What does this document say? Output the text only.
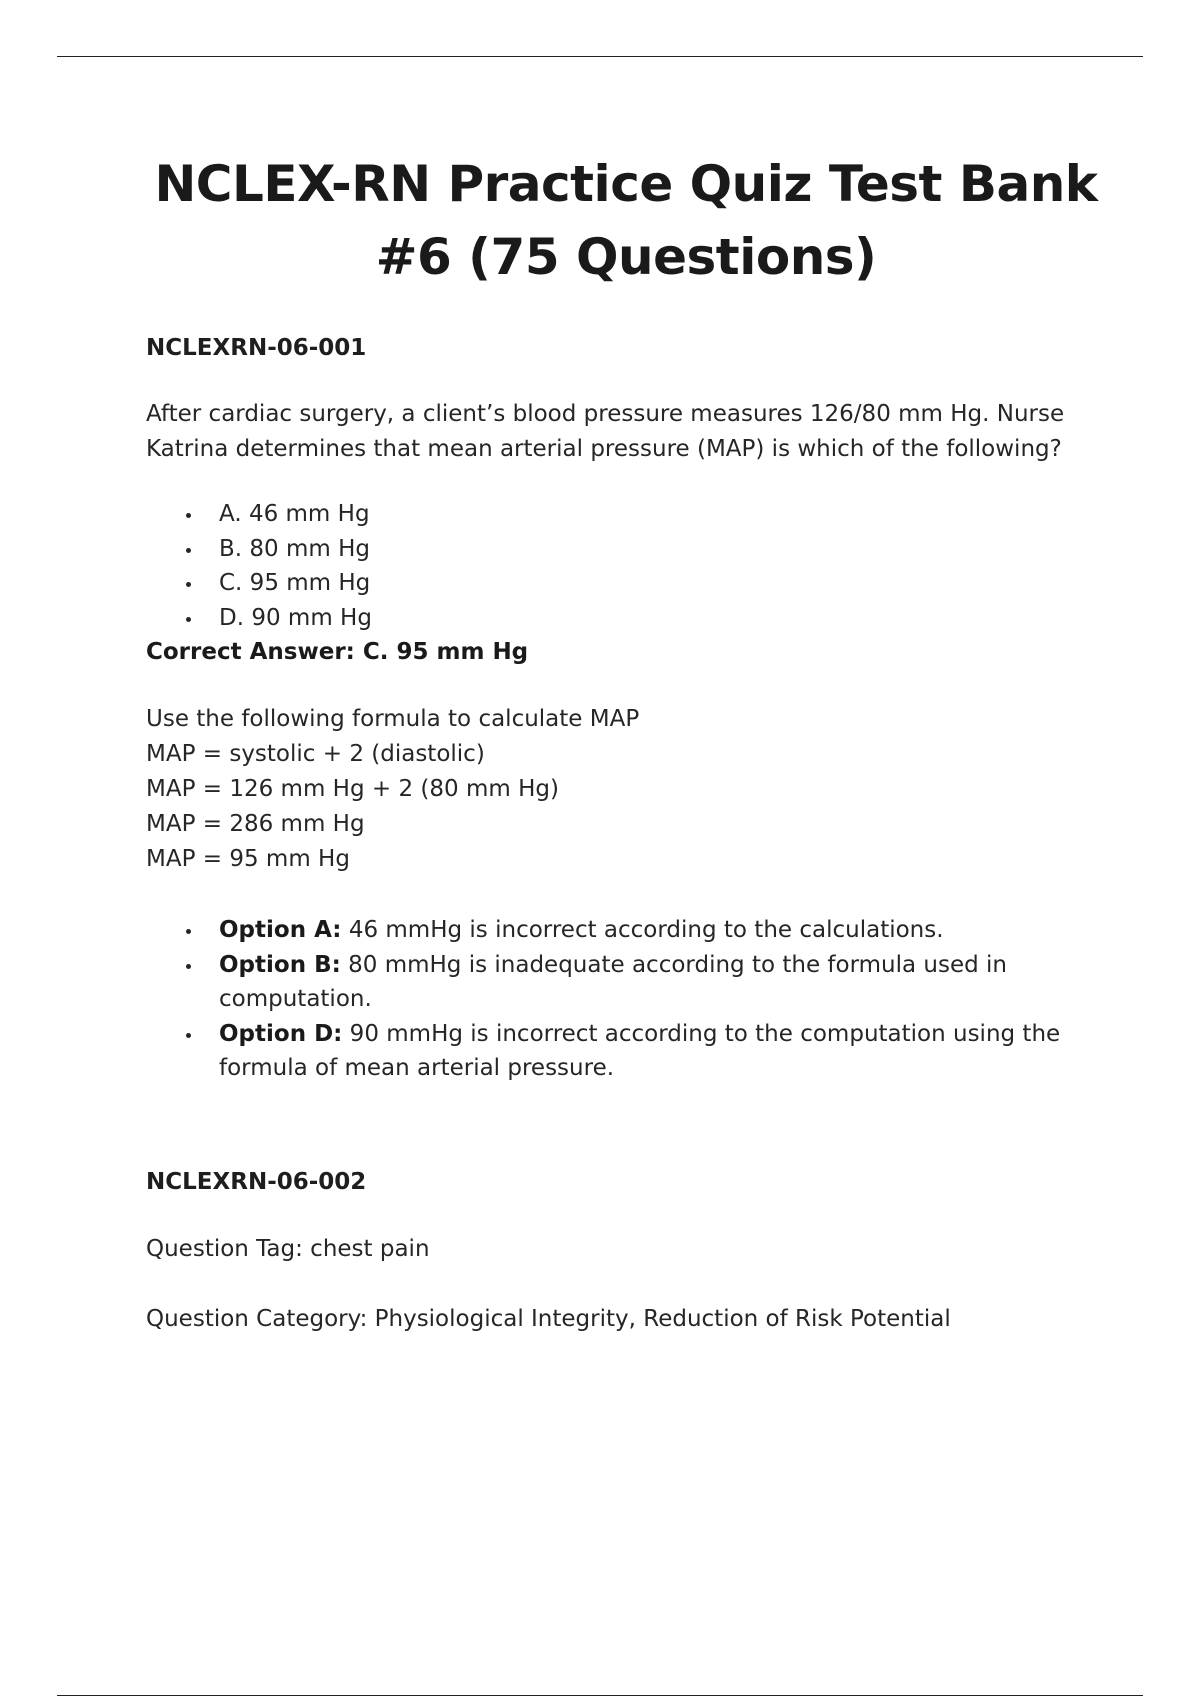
NCLEX-RN Practice Quiz Test Bank #6 (75 Questions)

NCLEXRN-06-001

After cardiac surgery, a client’s blood pressure measures 126/80 mm Hg. Nurse Katrina determines that mean arterial pressure (MAP) is which of the following?

A. 46 mm Hg
B. 80 mm Hg
C. 95 mm Hg
D. 90 mm Hg

Correct Answer: C. 95 mm Hg

Use the following formula to calculate MAP
MAP = systolic + 2 (diastolic)
MAP = 126 mm Hg + 2 (80 mm Hg)
MAP = 286 mm Hg
MAP = 95 mm Hg

Option A: 46 mmHg is incorrect according to the calculations.
Option B: 80 mmHg is inadequate according to the formula used in computation.
Option D: 90 mmHg is incorrect according to the computation using the formula of mean arterial pressure.

NCLEXRN-06-002

Question Tag: chest pain

Question Category: Physiological Integrity, Reduction of Risk Potential
